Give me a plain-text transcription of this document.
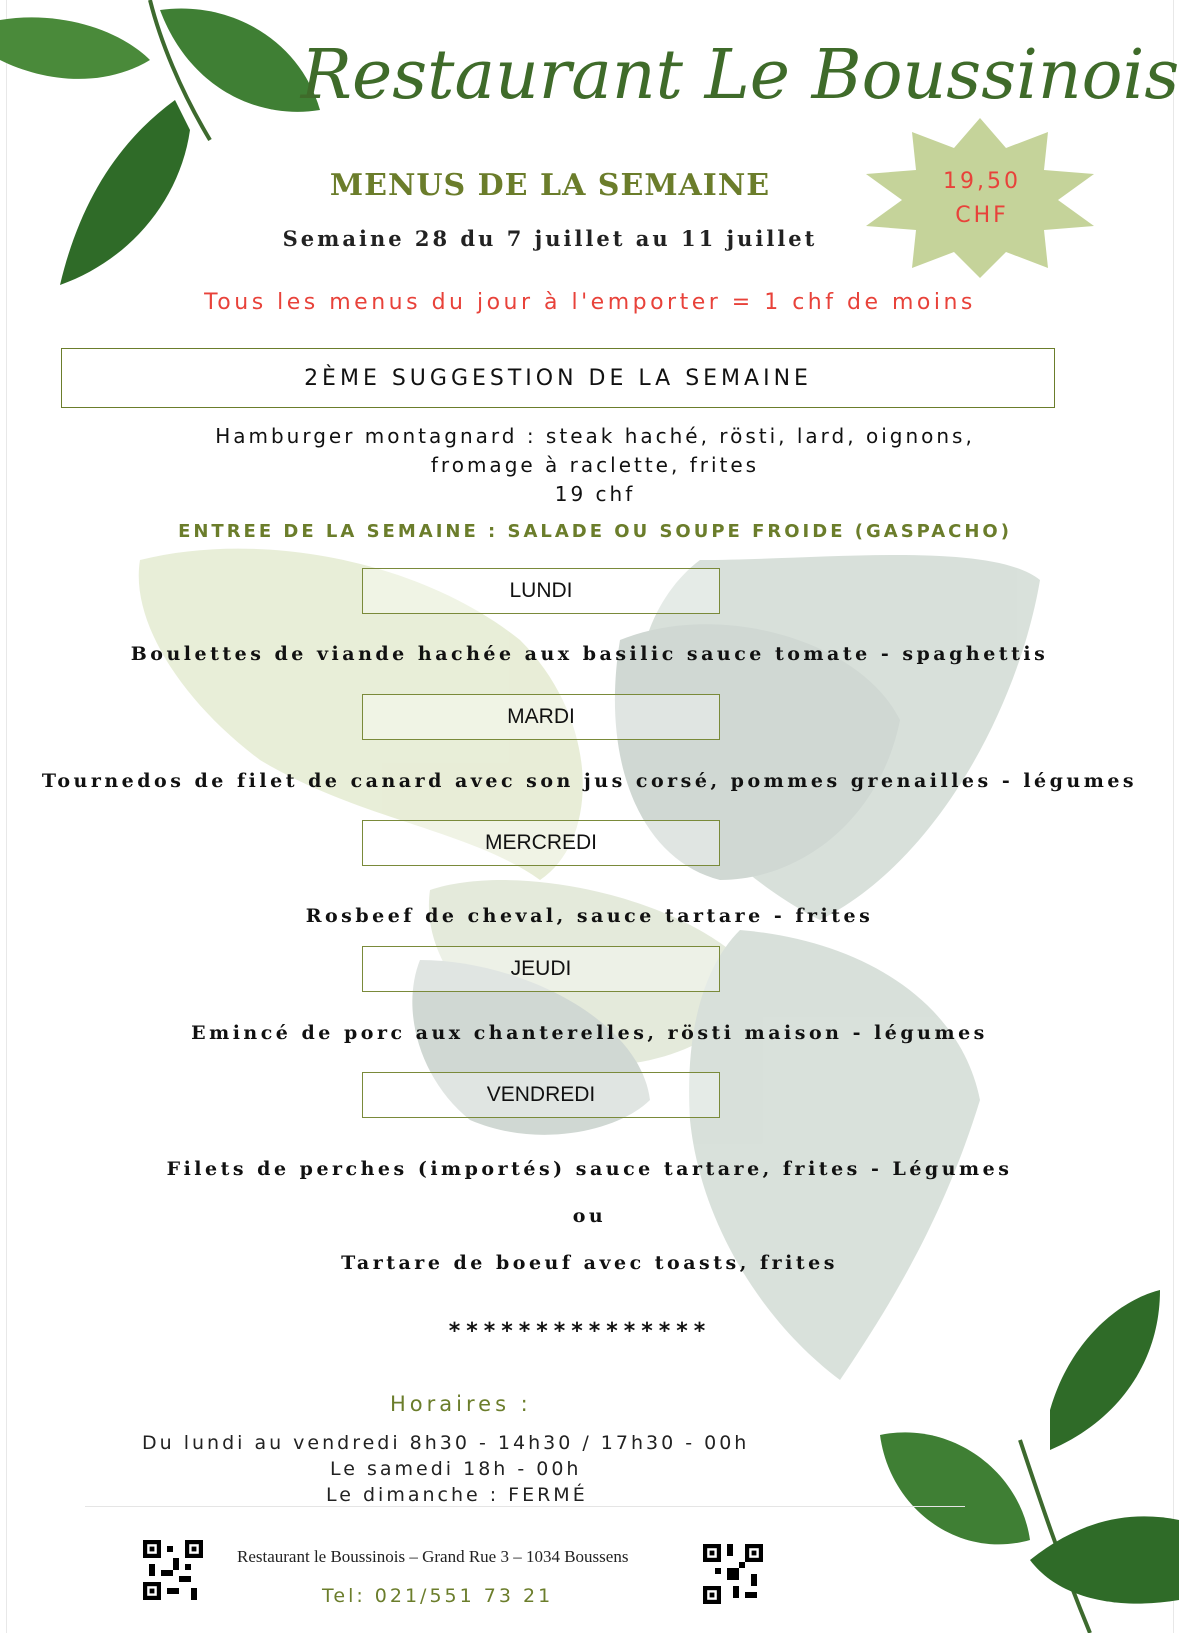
Restaurant Le Boussinois
MENUS DE LA SEMAINE	19,50
CHF
Semaine 28 du 7 juillet au 11 juillet
Tous les menus du jour à l'emporter = 1 chf de moins
2ÈME SUGGESTION DE LA SEMAINE
Hamburger montagnard : steak haché, rösti, lard, oignons,
fromage à raclette, frites
19 chf
ENTREE DE LA SEMAINE : SALADE OU SOUPE FROIDE (GASPACHO)
LUNDI
Boulettes de viande hachée aux basilic sauce tomate - spaghettis
MARDI
Tournedos de filet de canard avec son jus corsé, pommes grenailles - légumes
MERCREDI
Rosbeef de cheval, sauce tartare - frites
JEUDI
Emincé de porc aux chanterelles, rösti maison - légumes
VENDREDI
Filets de perches (importés) sauce tartare, frites - Légumes
ou
Tartare de boeuf avec toasts, frites
***************
Horaires :
Du lundi au vendredi 8h30 - 14h30 / 17h30 - 00h
Le samedi 18h - 00h
Le dimanche : FERMÉ
Restaurant le Boussinois – Grand Rue 3 – 1034 Boussens
Tel: 021/551 73 21
